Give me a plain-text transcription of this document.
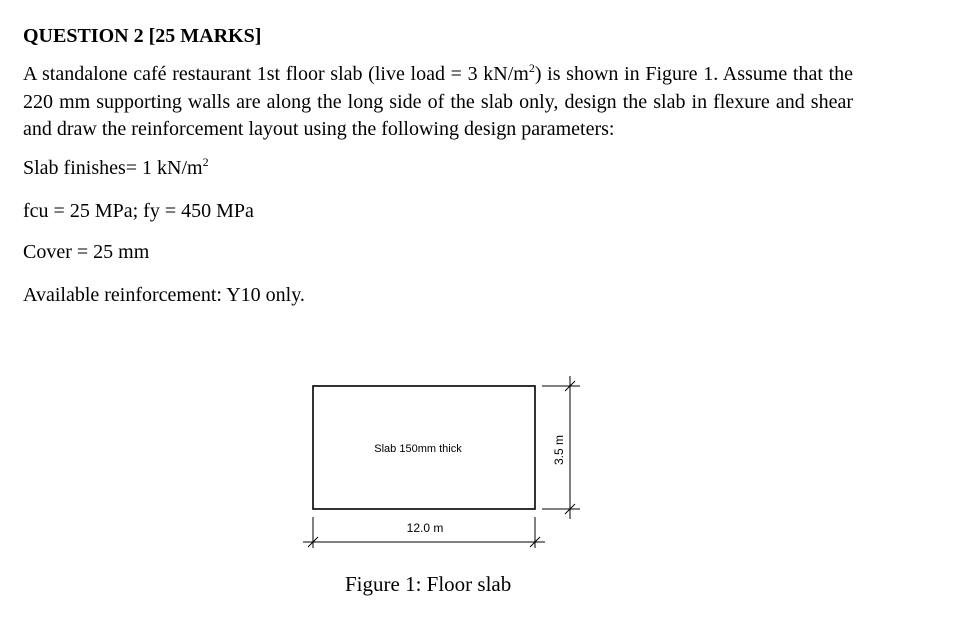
QUESTION 2 [25 MARKS]
A standalone café restaurant 1st floor slab (live load = 3 $kN/m^2$) is shown in Figure 1. Assume that the 220 mm supporting walls are along the long side of the slab only, design the slab in flexure and shear and draw the reinforcement layout using the following design parameters:
Slab finishes= 1 $kN/m^2$
fcu = 25 MPa; fy = 450 MPa
Cover = 25 mm
Available reinforcement: Y10 only.
Slab 150mm thick
12.0 m
3.5 m
Figure 1: Floor slab
